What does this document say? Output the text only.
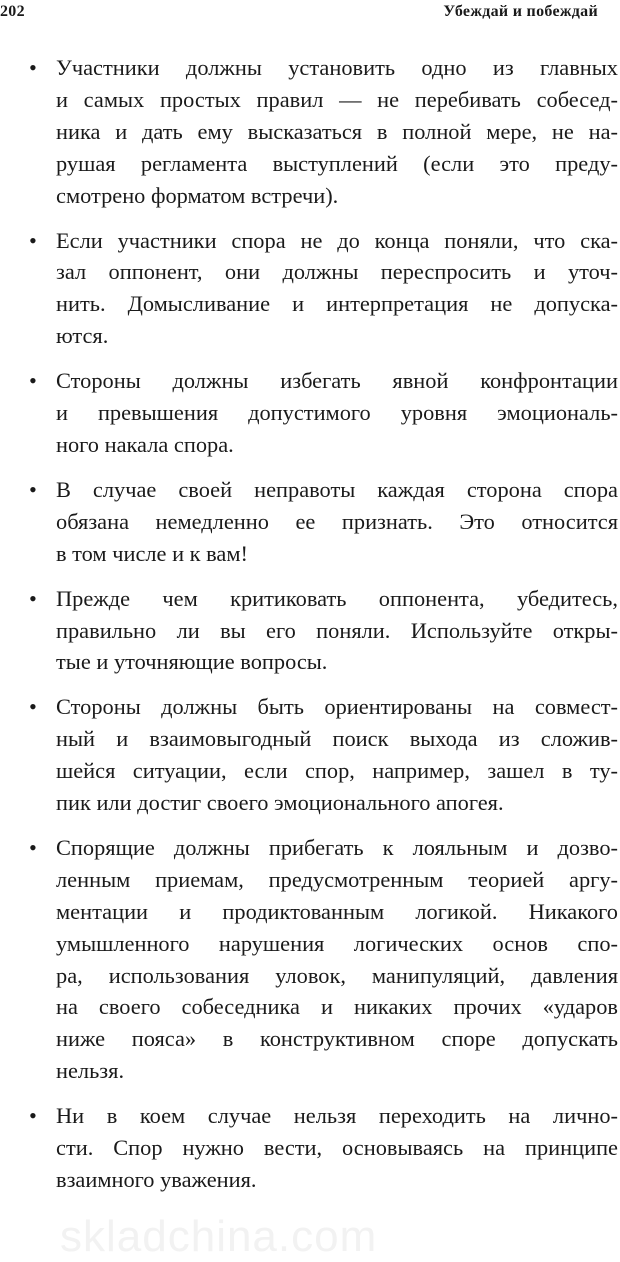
202	Убеждай и побеждай
• Участники должны установить одно из главных
и самых простых правил — не перебивать собесед-
ника и дать ему высказаться в полной мере, не на-
рушая регламента выступлений (если это преду-
смотрено форматом встречи).
• Если участники спора не до конца поняли, что ска-
зал оппонент, они должны переспросить и уточ-
нить. Домысливание и интерпретация не допуска-
ются.
• Стороны должны избегать явной конфронтации
и превышения допустимого уровня эмоциональ-
ного накала спора.
• В случае своей неправоты каждая сторона спора
обязана немедленно ее признать. Это относится
в том числе и к вам!
• Прежде чем критиковать оппонента, убедитесь,
правильно ли вы его поняли. Используйте откры-
тые и уточняющие вопросы.
• Стороны должны быть ориентированы на совмест-
ный и взаимовыгодный поиск выхода из сложив-
шейся ситуации, если спор, например, зашел в ту-
пик или достиг своего эмоционального апогея.
• Спорящие должны прибегать к лояльным и дозво-
ленным приемам, предусмотренным теорией аргу-
ментации и продиктованным логикой. Никакого
умышленного нарушения логических основ спо-
ра, использования уловок, манипуляций, давления
на своего собеседника и никаких прочих «ударов
ниже пояса» в конструктивном споре допускать
нельзя.
• Ни в коем случае нельзя переходить на лично-
сти. Спор нужно вести, основываясь на принципе
взаимного уважения.
skladchina.com
